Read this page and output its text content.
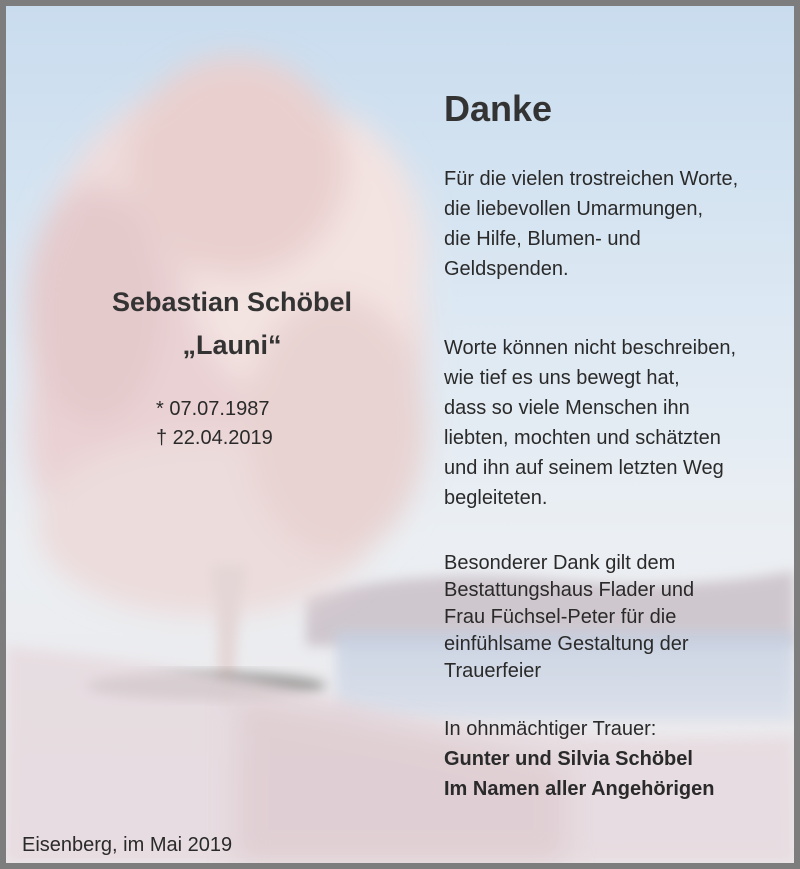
Sebastian Schöbel
„Launi“
* 07.07.1987
† 22.04.2019
Danke
Für die vielen trostreichen Worte,
die liebevollen Umarmungen,
die Hilfe, Blumen- und
Geldspenden.
Worte können nicht beschreiben,
wie tief es uns bewegt hat,
dass so viele Menschen ihn
liebten, mochten und schätzten
und ihn auf seinem letzten Weg
begleiteten.
Besonderer Dank gilt dem
Bestattungshaus Flader und
Frau Füchsel-Peter für die
einfühlsame Gestaltung der
Trauerfeier
In ohnmächtiger Trauer:
Gunter und Silvia Schöbel
Im Namen aller Angehörigen
Eisenberg, im Mai 2019
